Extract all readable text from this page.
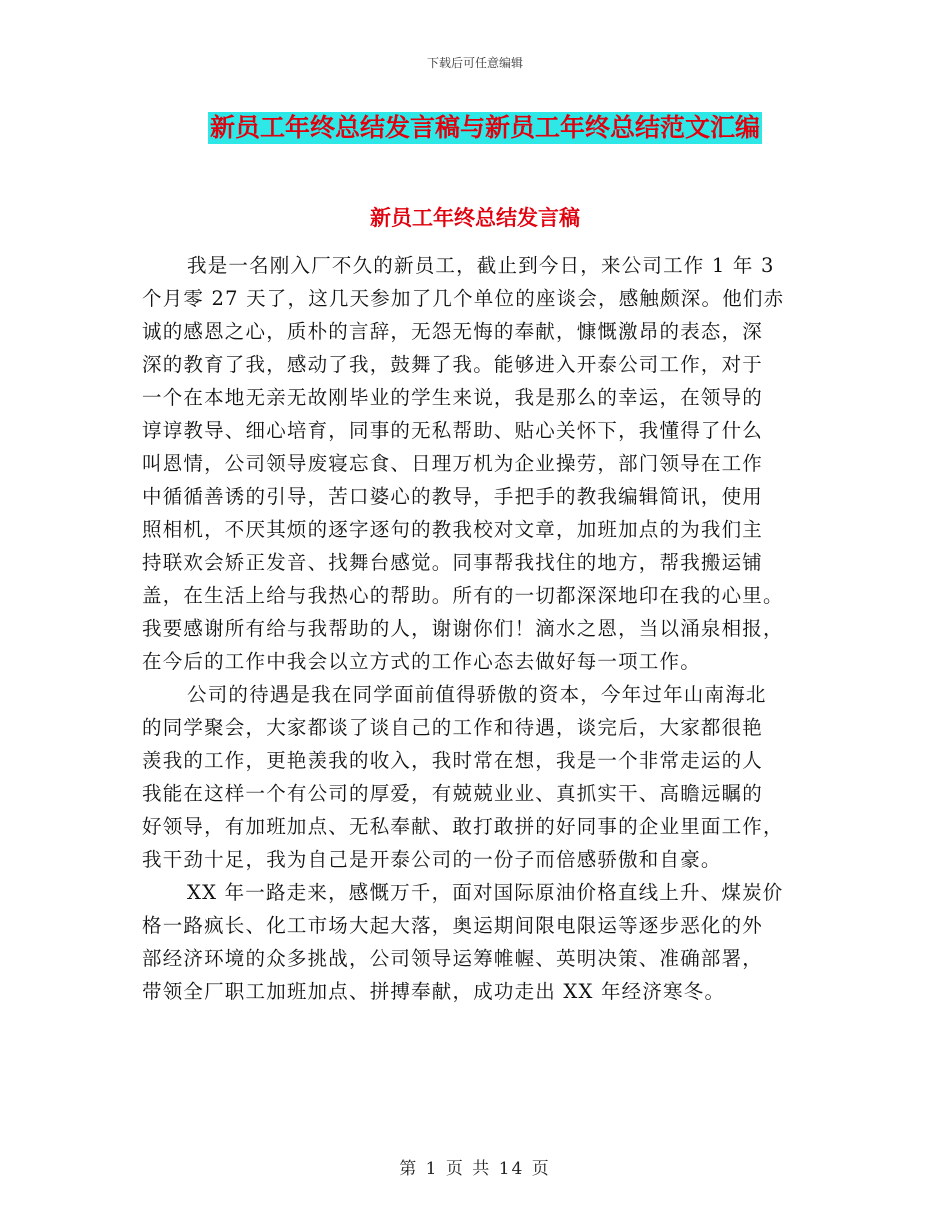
下载后可任意编辑
新员工年终总结发言稿与新员工年终总结范文汇编
新员工年终总结发言稿
我是一名刚入厂不久的新员工，截止到今日，来公司工作 1 年 3
个月零 27 天了，这几天参加了几个单位的座谈会，感触颇深。他们赤
诚的感恩之心，质朴的言辞，无怨无悔的奉献，慷慨激昂的表态，深
深的教育了我，感动了我，鼓舞了我。能够进入开泰公司工作，对于
一个在本地无亲无故刚毕业的学生来说，我是那么的幸运，在领导的
谆谆教导、细心培育，同事的无私帮助、贴心关怀下，我懂得了什么
叫恩情，公司领导废寝忘食、日理万机为企业操劳，部门领导在工作
中循循善诱的引导，苦口婆心的教导，手把手的教我编辑简讯，使用
照相机，不厌其烦的逐字逐句的教我校对文章，加班加点的为我们主
持联欢会矫正发音、找舞台感觉。同事帮我找住的地方，帮我搬运铺
盖，在生活上给与我热心的帮助。所有的一切都深深地印在我的心里。
我要感谢所有给与我帮助的人，谢谢你们！滴水之恩，当以涌泉相报，
在今后的工作中我会以立方式的工作心态去做好每一项工作。
公司的待遇是我在同学面前值得骄傲的资本，今年过年山南海北
的同学聚会，大家都谈了谈自己的工作和待遇，谈完后，大家都很艳
羡我的工作，更艳羡我的收入，我时常在想，我是一个非常走运的人
我能在这样一个有公司的厚爱，有兢兢业业、真抓实干、高瞻远瞩的
好领导，有加班加点、无私奉献、敢打敢拼的好同事的企业里面工作，
我干劲十足，我为自己是开泰公司的一份子而倍感骄傲和自豪。
XX 年一路走来，感慨万千，面对国际原油价格直线上升、煤炭价
格一路疯长、化工市场大起大落，奥运期间限电限运等逐步恶化的外
部经济环境的众多挑战，公司领导运筹帷幄、英明决策、准确部署，
带领全厂职工加班加点、拼搏奉献，成功走出 XX 年经济寒冬。
第 1 页 共 14 页
